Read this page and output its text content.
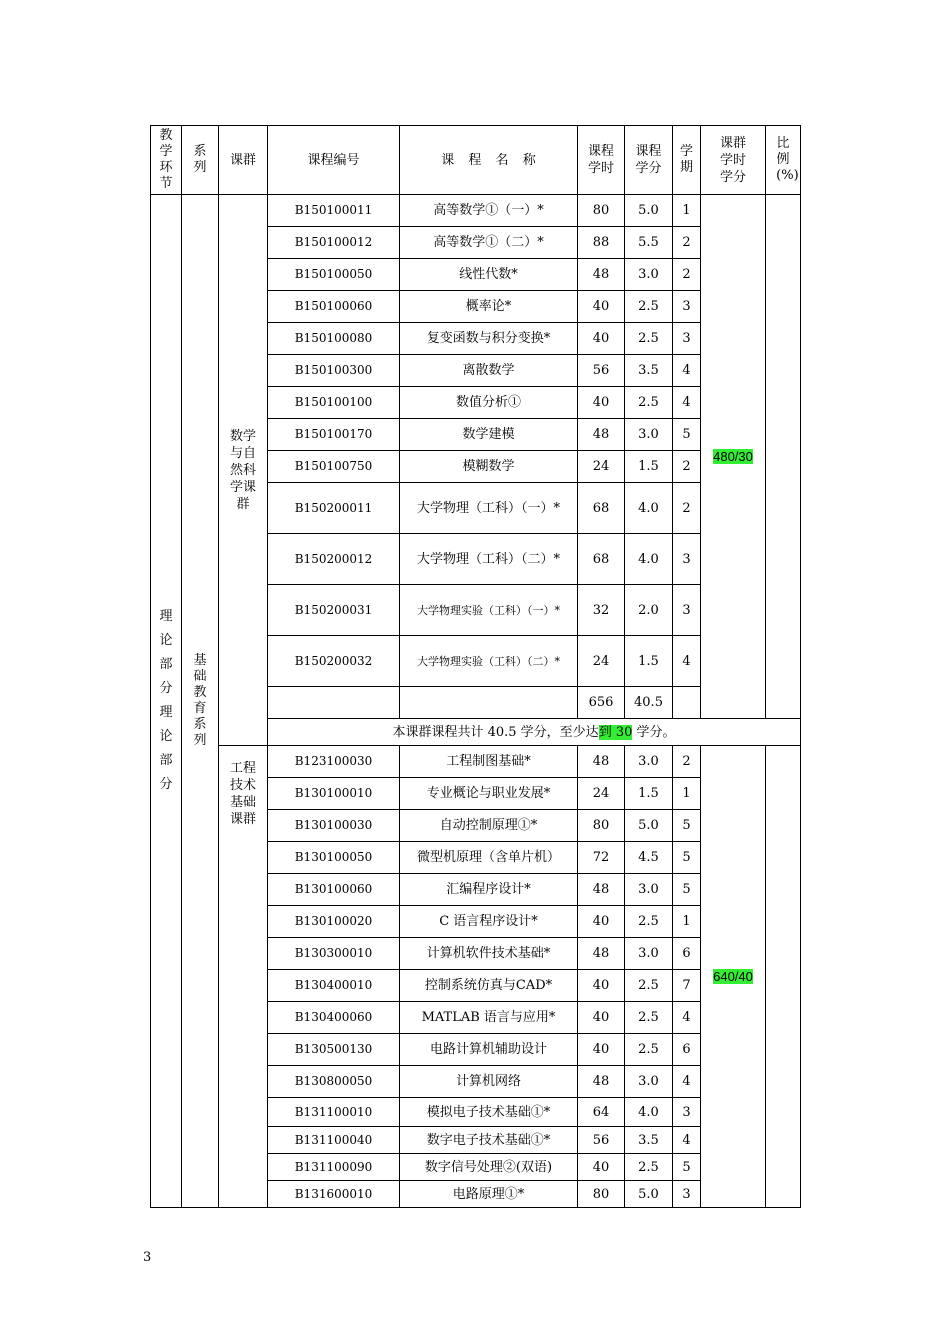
教学环节	系列	课群	课程编号	课 程 名 称	课程学时	课程学分	学期	课群学时学分	比例(%)

理论部分理论部分	基础教育系列	数学与自然科学课群	B150100011	高等数学①（一）*	80	5.0	1	480/30	
			B150100012	高等数学①（二）*	88	5.5	2		
			B150100050	线性代数*	48	3.0	2		
			B150100060	概率论*	40	2.5	3		
			B150100080	复变函数与积分变换*	40	2.5	3		
			B150100300	离散数学	56	3.5	4		
			B150100100	数值分析①	40	2.5	4		
			B150100170	数学建模	48	3.0	5		
			B150100750	模糊数学	24	1.5	2		
			B150200011	大学物理（工科）（一）*	68	4.0	2		
			B150200012	大学物理（工科）（二）*	68	4.0	3		
			B150200031	大学物理实验（工科）（一）*	32	2.0	3		
			B150200032	大学物理实验（工科）（二）*	24	1.5	4		
					656	40.5			
			本课群课程共计 40.5 学分，至少达到 30 学分。						

		工程技术基础课群	B123100030	工程制图基础*	48	3.0	2	640/40	
			B130100010	专业概论与职业发展*	24	1.5	1		
			B130100030	自动控制原理①*	80	5.0	5		
			B130100050	微型机原理（含单片机）	72	4.5	5		
			B130100060	汇编程序设计*	48	3.0	5		
			B130100020	C 语言程序设计*	40	2.5	1		
			B130300010	计算机软件技术基础*	48	3.0	6		
			B130400010	控制系统仿真与CAD*	40	2.5	7		
			B130400060	MATLAB 语言与应用*	40	2.5	4		
			B130500130	电路计算机辅助设计	40	2.5	6		
			B130800050	计算机网络	48	3.0	4		
			B131100010	模拟电子技术基础①*	64	4.0	3		
			B131100040	数字电子技术基础①*	56	3.5	4		
			B131100090	数字信号处理②(双语)	40	2.5	5		
			B131600010	电路原理①*	80	5.0	3		
3
